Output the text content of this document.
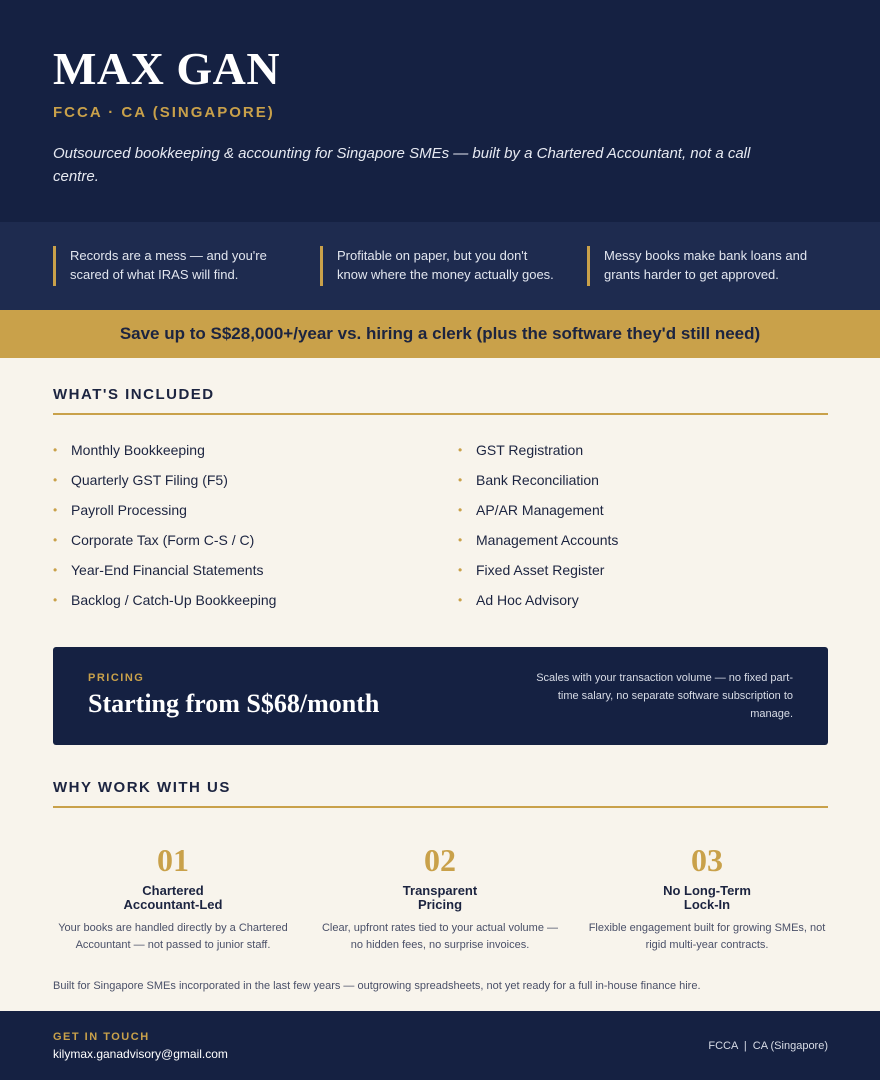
MAX GAN
FCCA · CA (SINGAPORE)

Outsourced bookkeeping & accounting for Singapore SMEs — built by a Chartered Accountant, not a call centre.

Records are a mess — and you're scared of what IRAS will find.
Profitable on paper, but you don't know where the money actually goes.
Messy books make bank loans and grants harder to get approved.
Save up to S$28,000+/year vs. hiring a clerk (plus the software they'd still need)
WHAT'S INCLUDED
• Monthly Bookkeeping
• Quarterly GST Filing (F5)
• Payroll Processing
• Corporate Tax (Form C-S / C)
• Year-End Financial Statements
• Backlog / Catch-Up Bookkeeping
• GST Registration
• Bank Reconciliation
• AP/AR Management
• Management Accounts
• Fixed Asset Register
• Ad Hoc Advisory
PRICING
Starting from S$68/month

Scales with your transaction volume — no fixed part-time salary, no separate software subscription to manage.

WHY WORK WITH US
01
Chartered
Accountant-Led

Your books are handled directly by a Chartered Accountant — not passed to junior staff.

02
Transparent
Pricing

Clear, upfront rates tied to your actual volume — no hidden fees, no surprise invoices.

03
No Long-Term
Lock-In

Flexible engagement built for growing SMEs, not rigid multi-year contracts.

Built for Singapore SMEs incorporated in the last few years — outgrowing spreadsheets, not yet ready for a full in-house finance hire.

GET IN TOUCH
kilymax.ganadvisory@gmail.com
FCCA  |  CA (Singapore)
